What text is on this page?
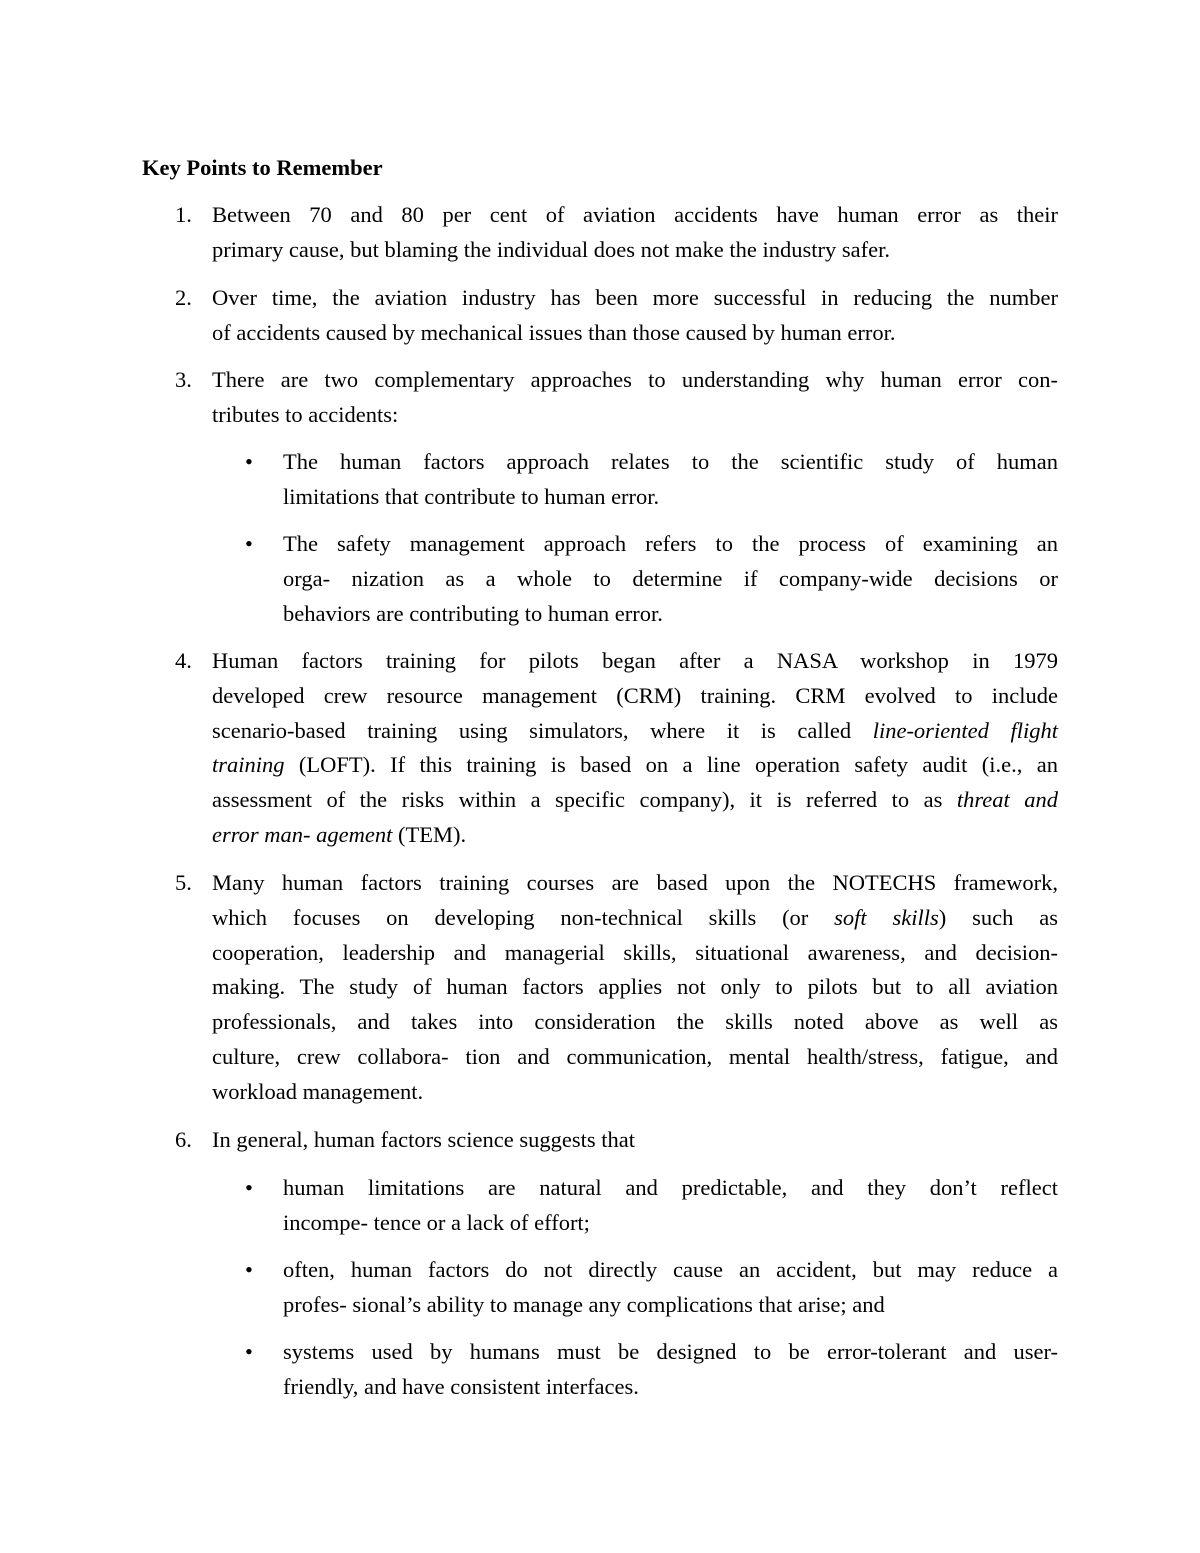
Key Points to Remember
1. Between 70 and 80 per cent of aviation accidents have human error as their
primary cause, but blaming the individual does not make the industry safer.
2. Over time, the aviation industry has been more successful in reducing the number
of accidents caused by mechanical issues than those caused by human error.
3. There are two complementary approaches to understanding why human error con-
tributes to accidents:
• The human factors approach relates to the scientific study of human
limitations that contribute to human error.
• The safety management approach refers to the process of examining an
orga- nization as a whole to determine if company-wide decisions or
behaviors are contributing to human error.
4. Human factors training for pilots began after a NASA workshop in 1979
developed crew resource management (CRM) training. CRM evolved to include
scenario-based training using simulators, where it is called line-oriented flight
training (LOFT). If this training is based on a line operation safety audit (i.e., an
assessment of the risks within a specific company), it is referred to as threat and
error man- agement (TEM).
5. Many human factors training courses are based upon the NOTECHS framework,
which focuses on developing non-technical skills (or soft skills) such as
cooperation, leadership and managerial skills, situational awareness, and decision-
making. The study of human factors applies not only to pilots but to all aviation
professionals, and takes into consideration the skills noted above as well as
culture, crew collabora- tion and communication, mental health/stress, fatigue, and
workload management.
6. In general, human factors science suggests that
• human limitations are natural and predictable, and they don’t reflect
incompe- tence or a lack of effort;
• often, human factors do not directly cause an accident, but may reduce a
profes- sional’s ability to manage any complications that arise; and
• systems used by humans must be designed to be error-tolerant and user-
friendly, and have consistent interfaces.
